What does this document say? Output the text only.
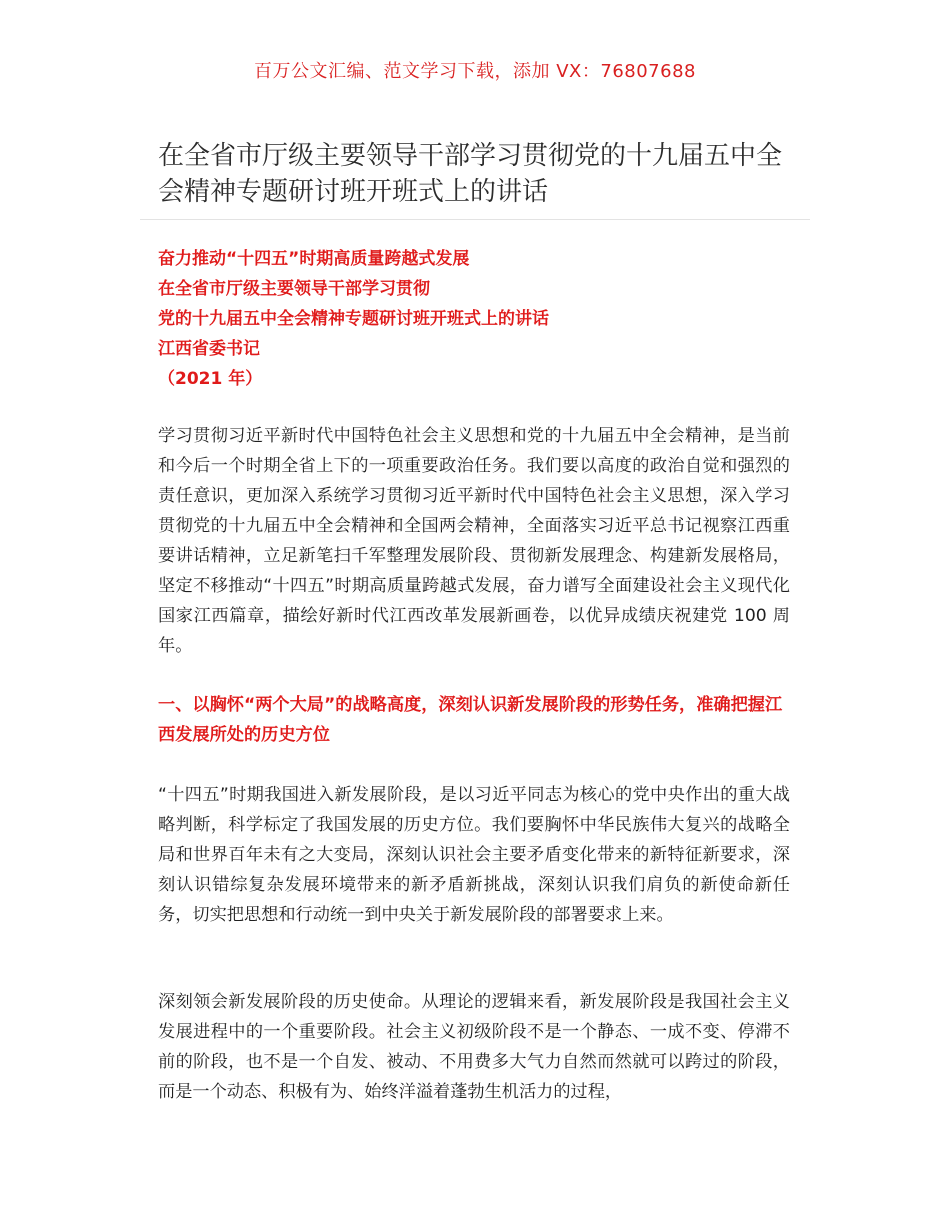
百万公文汇编、范文学习下载，添加 VX：76807688
在全省市厅级主要领导干部学习贯彻党的十九届五中全会精神专题研讨班开班式上的讲话
奋力推动“十四五”时期高质量跨越式发展
在全省市厅级主要领导干部学习贯彻
党的十九届五中全会精神专题研讨班开班式上的讲话
江西省委书记
（2021 年）

学习贯彻习近平新时代中国特色社会主义思想和党的十九届五中全会精神，是当前和今后一个时期全省上下的一项重要政治任务。我们要以高度的政治自觉和强烈的责任意识，更加深入系统学习贯彻习近平新时代中国特色社会主义思想，深入学习贯彻党的十九届五中全会精神和全国两会精神，全面落实习近平总书记视察江西重要讲话精神，立足新笔扫千军整理发展阶段、贯彻新发展理念、构建新发展格局，坚定不移推动“十四五”时期高质量跨越式发展，奋力谱写全面建设社会主义现代化国家江西篇章，描绘好新时代江西改革发展新画卷，以优异成绩庆祝建党 100 周年。

一、以胸怀“两个大局”的战略高度，深刻认识新发展阶段的形势任务，准确把握江西发展所处的历史方位

“十四五”时期我国进入新发展阶段，是以习近平同志为核心的党中央作出的重大战略判断，科学标定了我国发展的历史方位。我们要胸怀中华民族伟大复兴的战略全局和世界百年未有之大变局，深刻认识社会主要矛盾变化带来的新特征新要求，深刻认识错综复杂发展环境带来的新矛盾新挑战，深刻认识我们肩负的新使命新任务，切实把思想和行动统一到中央关于新发展阶段的部署要求上来。

深刻领会新发展阶段的历史使命。从理论的逻辑来看，新发展阶段是我国社会主义发展进程中的一个重要阶段。社会主义初级阶段不是一个静态、一成不变、停滞不前的阶段，也不是一个自发、被动、不用费多大气力自然而然就可以跨过的阶段，而是一个动态、积极有为、始终洋溢着蓬勃生机活力的过程，
